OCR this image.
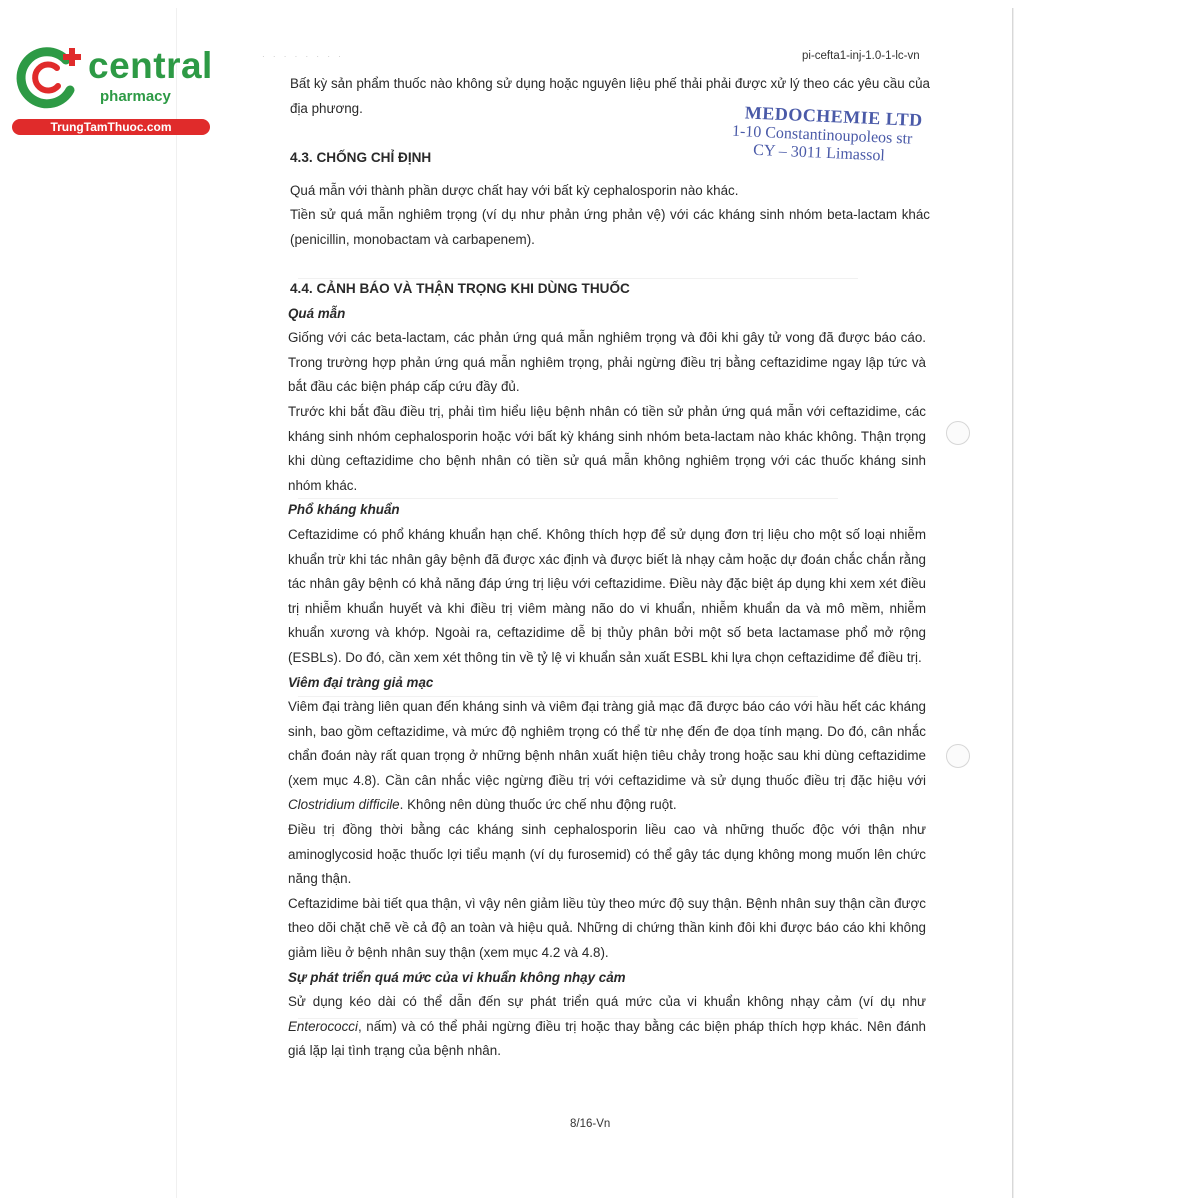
central
pharmacy
TrungTamThuoc.com
· · · · · · · ·	pi-cefta1-inj-1.0-1-lc-vn
MEDOCHEMIE LTD
1-10 Constantinoupoleos str
CY – 3011 Limassol

Bất kỳ sản phẩm thuốc nào không sử dụng hoặc nguyên liệu phế thải phải được xử lý theo các yêu cầu của địa phương.

4.3. CHỐNG CHỈ ĐỊNH

Quá mẫn với thành phần dược chất hay với bất kỳ cephalosporin nào khác.

Tiền sử quá mẫn nghiêm trọng (ví dụ như phản ứng phản vệ) với các kháng sinh nhóm beta-lactam khác (penicillin, monobactam và carbapenem).

4.4. CẢNH BÁO VÀ THẬN TRỌNG KHI DÙNG THUỐC

Quá mẫn

Giống với các beta-lactam, các phản ứng quá mẫn nghiêm trọng và đôi khi gây tử vong đã được báo cáo. Trong trường hợp phản ứng quá mẫn nghiêm trọng, phải ngừng điều trị bằng ceftazidime ngay lập tức và bắt đầu các biện pháp cấp cứu đầy đủ.

Trước khi bắt đầu điều trị, phải tìm hiểu liệu bệnh nhân có tiền sử phản ứng quá mẫn với ceftazidime, các kháng sinh nhóm cephalosporin hoặc với bất kỳ kháng sinh nhóm beta-lactam nào khác không. Thận trọng khi dùng ceftazidime cho bệnh nhân có tiền sử quá mẫn không nghiêm trọng với các thuốc kháng sinh nhóm khác.

Phổ kháng khuẩn

Ceftazidime có phổ kháng khuẩn hạn chế. Không thích hợp để sử dụng đơn trị liệu cho một số loại nhiễm khuẩn trừ khi tác nhân gây bệnh đã được xác định và được biết là nhạy cảm hoặc dự đoán chắc chắn rằng tác nhân gây bệnh có khả năng đáp ứng trị liệu với ceftazidime. Điều này đặc biệt áp dụng khi xem xét điều trị nhiễm khuẩn huyết và khi điều trị viêm màng não do vi khuẩn, nhiễm khuẩn da và mô mềm, nhiễm khuẩn xương và khớp. Ngoài ra, ceftazidime dễ bị thủy phân bởi một số beta lactamase phổ mở rộng (ESBLs). Do đó, cần xem xét thông tin về tỷ lệ vi khuẩn sản xuất ESBL khi lựa chọn ceftazidime để điều trị.

Viêm đại tràng giả mạc

Viêm đại tràng liên quan đến kháng sinh và viêm đại tràng giả mạc đã được báo cáo với hầu hết các kháng sinh, bao gồm ceftazidime, và mức độ nghiêm trọng có thể từ nhẹ đến đe dọa tính mạng. Do đó, cân nhắc chẩn đoán này rất quan trọng ở những bệnh nhân xuất hiện tiêu chảy trong hoặc sau khi dùng ceftazidime (xem mục 4.8). Cần cân nhắc việc ngừng điều trị với ceftazidime và sử dụng thuốc điều trị đặc hiệu với Clostridium difficile. Không nên dùng thuốc ức chế nhu động ruột.

Điều trị đồng thời bằng các kháng sinh cephalosporin liều cao và những thuốc độc với thận như aminoglycosid hoặc thuốc lợi tiểu mạnh (ví dụ furosemid) có thể gây tác dụng không mong muốn lên chức năng thận.

Ceftazidime bài tiết qua thận, vì vậy nên giảm liều tùy theo mức độ suy thận. Bệnh nhân suy thận cần được theo dõi chặt chẽ về cả độ an toàn và hiệu quả. Những di chứng thần kinh đôi khi được báo cáo khi không giảm liều ở bệnh nhân suy thận (xem mục 4.2 và 4.8).

Sự phát triển quá mức của vi khuẩn không nhạy cảm

Sử dụng kéo dài có thể dẫn đến sự phát triển quá mức của vi khuẩn không nhạy cảm (ví dụ như Enterococci, nấm) và có thể phải ngừng điều trị hoặc thay bằng các biện pháp thích hợp khác. Nên đánh giá lặp lại tình trạng của bệnh nhân.

8/16-Vn
